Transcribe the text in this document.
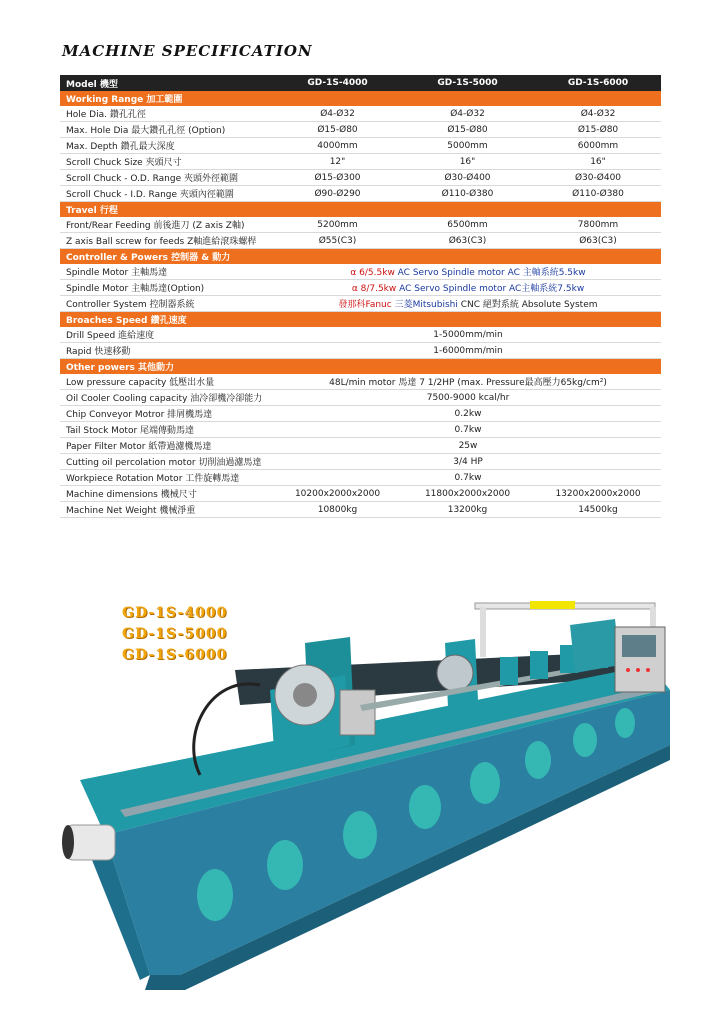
MACHINE SPECIFICATION
Model 機型	GD-1S-4000	GD-1S-5000	GD-1S-6000
Working Range 加工範圍			
Hole Dia. 鑽孔孔徑	Ø4-Ø32	Ø4-Ø32	Ø4-Ø32
Max. Hole Dia 最大鑽孔孔徑 (Option)	Ø15-Ø80	Ø15-Ø80	Ø15-Ø80
Max. Depth 鑽孔最大深度	4000mm	5000mm	6000mm
Scroll Chuck Size 夾頭尺寸	12"	16"	16"
Scroll Chuck - O.D. Range 夾頭外徑範圍	Ø15-Ø300	Ø30-Ø400	Ø30-Ø400
Scroll Chuck - I.D. Range 夾頭內徑範圍	Ø90-Ø290	Ø110-Ø380	Ø110-Ø380
Travel 行程			
Front/Rear Feeding 前後進刀 (Z axis Z軸)	5200mm	6500mm	7800mm
Z axis Ball screw for feeds Z軸進給滾珠螺桿	Ø55(C3)	Ø63(C3)	Ø63(C3)
Controller & Powers 控制器 & 動力			
Spindle Motor 主軸馬達	α 6/5.5kw AC Servo Spindle motor AC 主軸系統5.5kw		
Spindle Motor 主軸馬達(Option)	α 8/7.5kw AC Servo Spindle motor AC主軸系統7.5kw		
Controller System 控制器系統	發那科Fanuc 三菱Mitsubishi CNC 絕對系統 Absolute System		
Broaches Speed 鑽孔速度			
Drill Speed 進給速度	1-5000mm/min		
Rapid 快速移動	1-6000mm/min		
Other powers 其他動力			
Low pressure capacity 低壓出水量	48L/min motor 馬達 7 1/2HP (max. Pressure最高壓力65kg/cm²)		
Oil Cooler Cooling capacity 油冷卻機冷卻能力	7500-9000 kcal/hr		
Chip Conveyor Motror 排屑機馬達	0.2kw		
Tail Stock Motor 尾端傳動馬達	0.7kw		
Paper Filter Motor 紙帶過濾機馬達	25w		
Cutting oil percolation motor 切削油過濾馬達	3/4 HP		
Workpiece Rotation Motor 工件旋轉馬達	0.7kw		
Machine dimensions 機械尺寸	10200x2000x2000	11800x2000x2000	13200x2000x2000
Machine Net Weight 機械淨重	10800kg	13200kg	14500kg
GD-1S-4000
GD-1S-5000
GD-1S-6000
